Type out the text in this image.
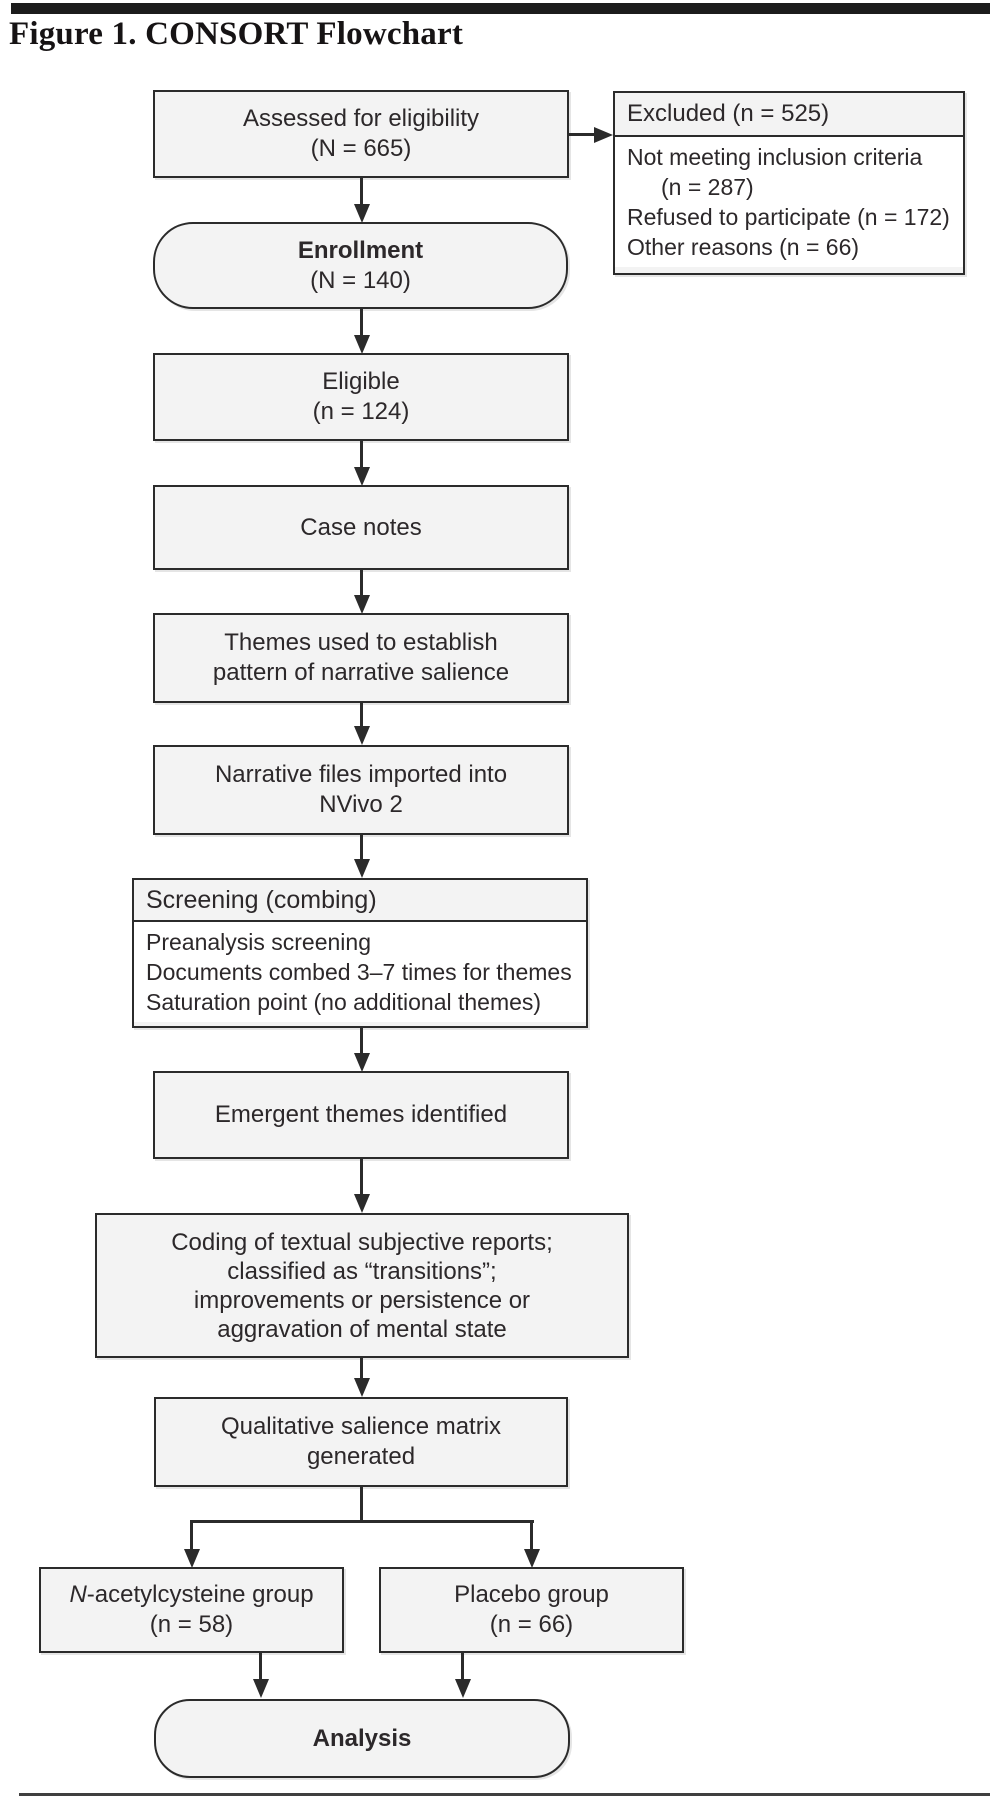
Figure 1. CONSORT Flowchart
Assessed for eligibility
(N = 665)
Excluded (n = 525)
Not meeting inclusion criteria
(n = 287)
Refused to participate (n = 172)
Other reasons (n = 66)
Enrollment
(N = 140)
Eligible
(n = 124)
Case notes
Themes used to establish
pattern of narrative salience
Narrative files imported into
NVivo 2
Screening (combing)
Preanalysis screening
Documents combed 3–7 times for themes
Saturation point (no additional themes)
Emergent themes identified
Coding of textual subjective reports;
classified as “transitions”;
improvements or persistence or
aggravation of mental state
Qualitative salience matrix
generated
N-acetylcysteine group
(n = 58)
Placebo group
(n = 66)
Analysis
